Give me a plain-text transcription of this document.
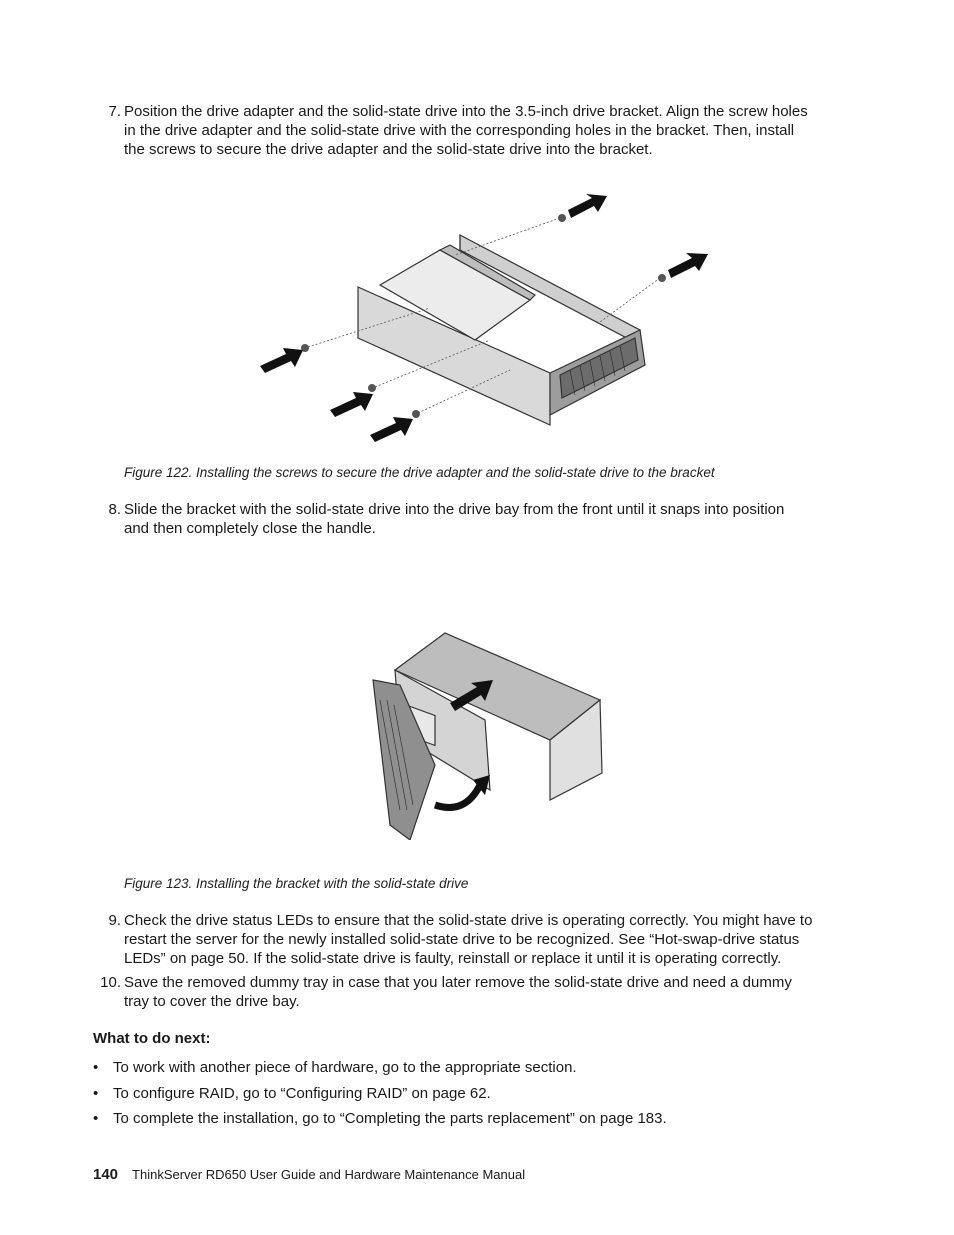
7. Position the drive adapter and the solid-state drive into the 3.5-inch drive bracket. Align the screw holes
in the drive adapter and the solid-state drive with the corresponding holes in the bracket. Then, install
the screws to secure the drive adapter and the solid-state drive into the bracket.
Figure 122. Installing the screws to secure the drive adapter and the solid-state drive to the bracket
8. Slide the bracket with the solid-state drive into the drive bay from the front until it snaps into position
and then completely close the handle.
Figure 123. Installing the bracket with the solid-state drive
9. Check the drive status LEDs to ensure that the solid-state drive is operating correctly. You might have to
restart the server for the newly installed solid-state drive to be recognized. See “Hot-swap-drive status
LEDs” on page 50. If the solid-state drive is faulty, reinstall or replace it until it is operating correctly.
10. Save the removed dummy tray in case that you later remove the solid-state drive and need a dummy
tray to cover the drive bay.
What to do next:
• To work with another piece of hardware, go to the appropriate section.
• To configure RAID, go to “Configuring RAID” on page 62.
• To complete the installation, go to “Completing the parts replacement” on page 183.
140 ThinkServer RD650 User Guide and Hardware Maintenance Manual
